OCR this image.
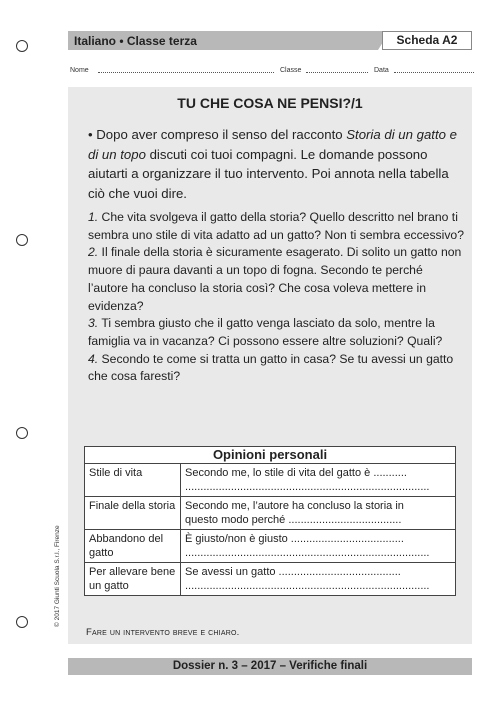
Italiano • Classe terza	Scheda A2
Nome	Classe	Data
TU CHE COSA NE PENSI?/1
• Dopo aver compreso il senso del racconto Storia di un gatto e di un topo discuti coi tuoi compagni. Le domande possono aiutarti a organizzare il tuo intervento. Poi annota nella tabella ciò che vuoi dire.

1. Che vita svolgeva il gatto della storia? Quello descritto nel brano ti sembra uno stile di vita adatto ad un gatto? Non ti sembra eccessivo?

2. Il finale della storia è sicuramente esagerato. Di solito un gatto non muore di paura davanti a un topo di fogna. Secondo te perché l’autore ha concluso la storia così? Che cosa voleva mettere in evidenza?

3. Ti sembra giusto che il gatto venga lasciato da solo, mentre la famiglia va in vacanza? Ci possono essere altre soluzioni? Quali?

4. Secondo te come si tratta un gatto in casa? Se tu avessi un gatto che cosa faresti?

Opinioni personali	
Stile di vita	Secondo me, lo stile di vita del gatto è ...........
................................................................................

Finale della storia	Secondo me, l’autore ha concluso la storia in
questo modo perché .....................................

Abbandono del gatto	È giusto/non è giusto .....................................
................................................................................

Per allevare bene un gatto	Se avessi un gatto ........................................
................................................................................
Fare un intervento breve e chiaro.
© 2017 Giunti Scuola S.r.l., Firenze
Dossier n. 3 – 2017 – Verifiche finali
